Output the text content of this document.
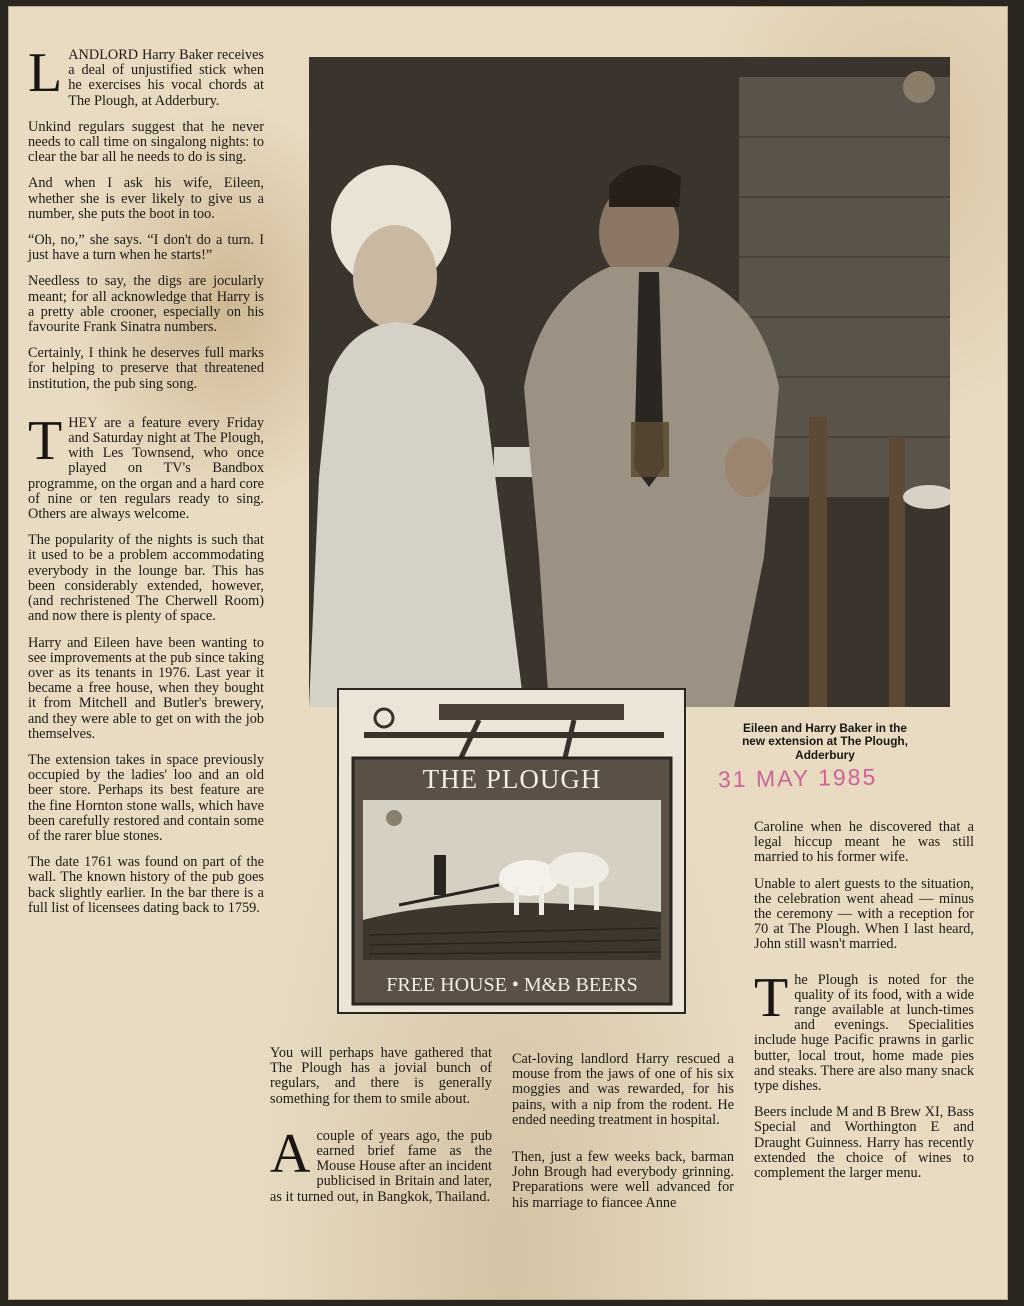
LANDLORD Harry Baker receives a deal of unjustified stick when he exercises his vocal chords at The Plough, at Adderbury.

Unkind regulars suggest that he never needs to call time on singalong nights: to clear the bar all he needs to do is sing.

And when I ask his wife, Eileen, whether she is ever likely to give us a number, she puts the boot in too.

“Oh, no,” she says. “I don't do a turn. I just have a turn when he starts!”

Needless to say, the digs are jocularly meant; for all acknowledge that Harry is a pretty able crooner, especially on his favourite Frank Sinatra numbers.

Certainly, I think he deserves full marks for helping to preserve that threatened institution, the pub sing song.

THEY are a feature every Friday and Saturday night at The Plough, with Les Townsend, who once played on TV's Bandbox programme, on the organ and a hard core of nine or ten regulars ready to sing. Others are always welcome.

The popularity of the nights is such that it used to be a problem accommodating everybody in the lounge bar. This has been considerably extended, however, (and rechristened The Cherwell Room) and now there is plenty of space.

Harry and Eileen have been wanting to see improvements at the pub since taking over as its tenants in 1976. Last year it became a free house, when they bought it from Mitchell and Butler's brewery, and they were able to get on with the job themselves.

The extension takes in space previously occupied by the ladies' loo and an old beer store. Perhaps its best feature are the fine Hornton stone walls, which have been carefully restored and contain some of the rarer blue stones.

The date 1761 was found on part of the wall. The known history of the pub goes back slightly earlier. In the bar there is a full list of licensees dating back to 1759.

Eileen and Harry Baker in the
new extension at The Plough,
Adderbury
31 MAY 1985
THE PLOUGH
FREE HOUSE • M&B BEERS

You will perhaps have gathered that The Plough has a jovial bunch of regulars, and there is generally something for them to smile about.

Acouple of years ago, the pub earned brief fame as the Mouse House after an incident publicised in Britain and later, as it turned out, in Bangkok, Thailand.

Cat-loving landlord Harry rescued a mouse from the jaws of one of his six moggies and was rewarded, for his pains, with a nip from the rodent. He ended needing treatment in hospital.

Then, just a few weeks back, barman John Brough had everybody grinning. Preparations were well advanced for his marriage to fiancee Anne

Caroline when he discovered that a legal hiccup meant he was still married to his former wife.

Unable to alert guests to the situation, the celebration went ahead — minus the ceremony — with a reception for 70 at The Plough. When I last heard, John still wasn't married.

The Plough is noted for the quality of its food, with a wide range available at lunch-times and evenings. Specialities include huge Pacific prawns in garlic butter, local trout, home made pies and steaks. There are also many snack type dishes.

Beers include M and B Brew XI, Bass Special and Worthington E and Draught Guinness. Harry has recently extended the choice of wines to complement the larger menu.
